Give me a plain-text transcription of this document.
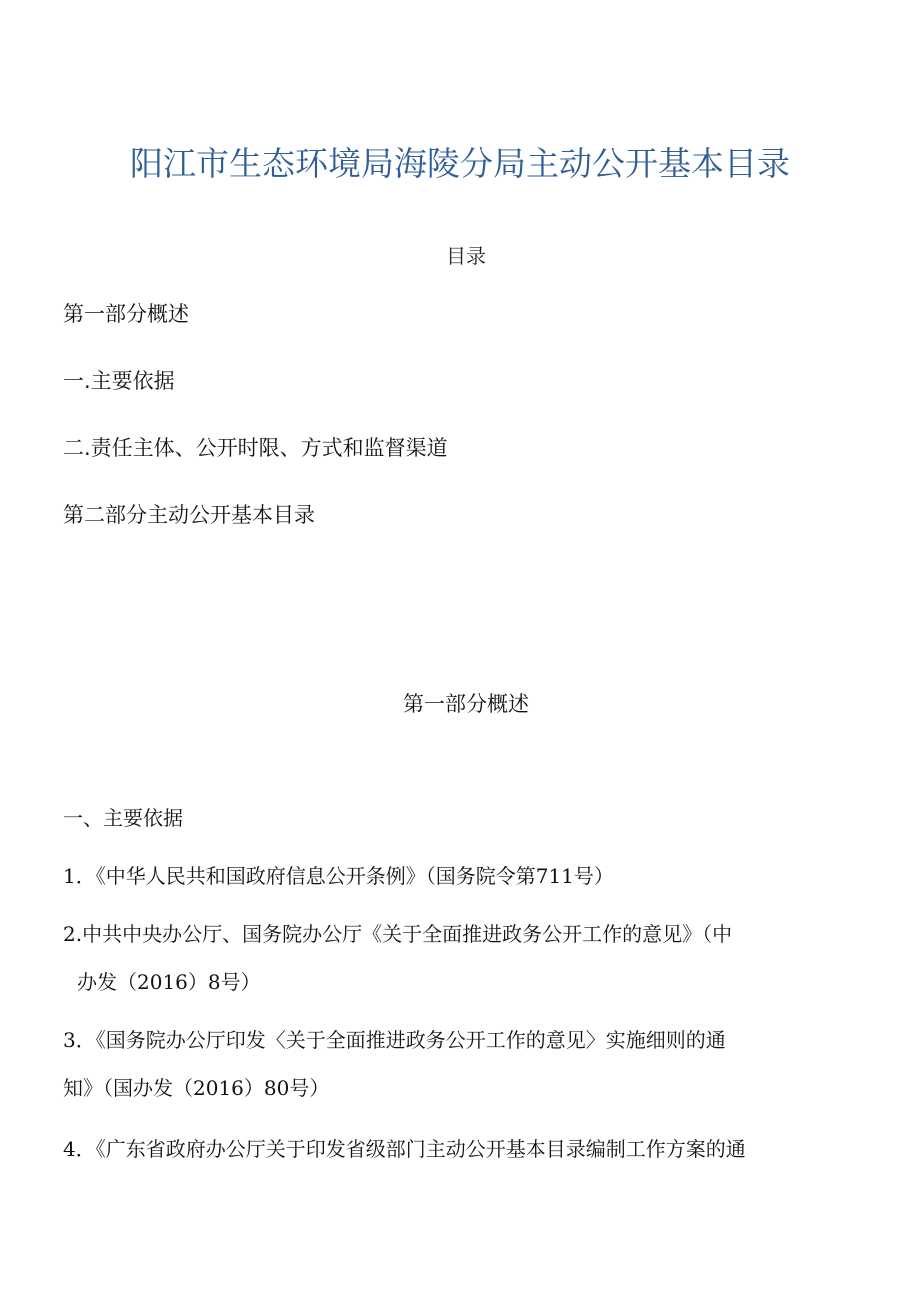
阳江市生态环境局海陵分局主动公开基本目录
目录
第一部分概述
一.主要依据
二.责任主体、公开时限、方式和监督渠道
第二部分主动公开基本目录
第一部分概述
一、主要依据
1．《中华人民共和国政府信息公开条例》（国务院令第711号）
2.中共中央办公厅、国务院办公厅《关于全面推进政务公开工作的意见》（中
办发（2016）8号）
3．《国务院办公厅印发〈关于全面推进政务公开工作的意见〉实施细则的通
知》（国办发（2016）80号）
4．《广东省政府办公厅关于印发省级部门主动公开基本目录编制工作方案的通
